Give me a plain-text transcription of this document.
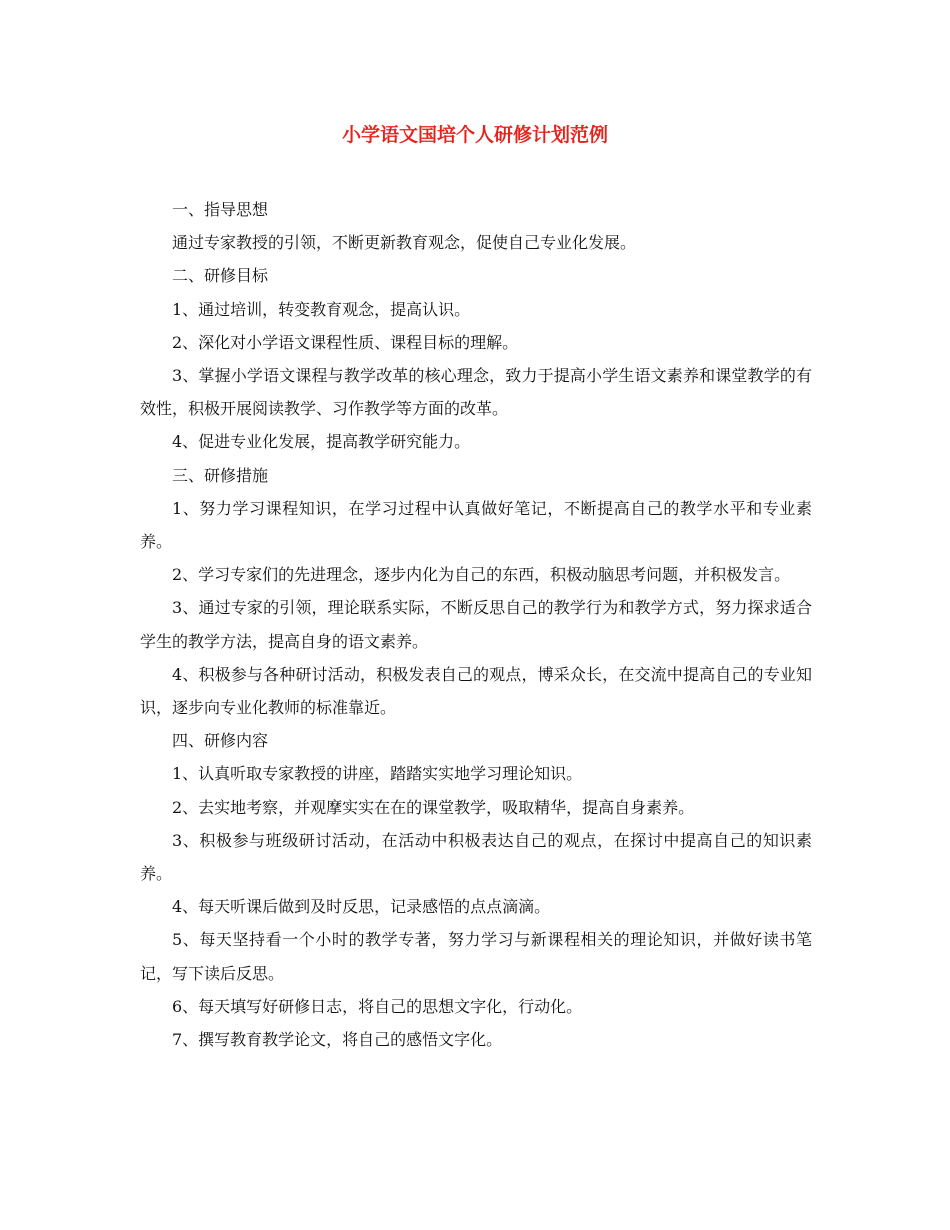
小学语文国培个人研修计划范例

一、指导思想

通过专家教授的引领，不断更新教育观念，促使自己专业化发展。

二、研修目标

1、通过培训，转变教育观念，提高认识。

2、深化对小学语文课程性质、课程目标的理解。

3、掌握小学语文课程与教学改革的核心理念，致力于提高小学生语文素养和课堂教学的有效性，积极开展阅读教学、习作教学等方面的改革。

4、促进专业化发展，提高教学研究能力。

三、研修措施

1、努力学习课程知识，在学习过程中认真做好笔记，不断提高自己的教学水平和专业素养。

2、学习专家们的先进理念，逐步内化为自己的东西，积极动脑思考问题，并积极发言。

3、通过专家的引领，理论联系实际，不断反思自己的教学行为和教学方式，努力探求适合学生的教学方法，提高自身的语文素养。

4、积极参与各种研讨活动，积极发表自己的观点，博采众长，在交流中提高自己的专业知识，逐步向专业化教师的标准靠近。

四、研修内容

1、认真听取专家教授的讲座，踏踏实实地学习理论知识。

2、去实地考察，并观摩实实在在的课堂教学，吸取精华，提高自身素养。

3、积极参与班级研讨活动，在活动中积极表达自己的观点，在探讨中提高自己的知识素养。

4、每天听课后做到及时反思，记录感悟的点点滴滴。

5、每天坚持看一个小时的教学专著，努力学习与新课程相关的理论知识，并做好读书笔记，写下读后反思。

6、每天填写好研修日志，将自己的思想文字化，行动化。

7、撰写教育教学论文，将自己的感悟文字化。
